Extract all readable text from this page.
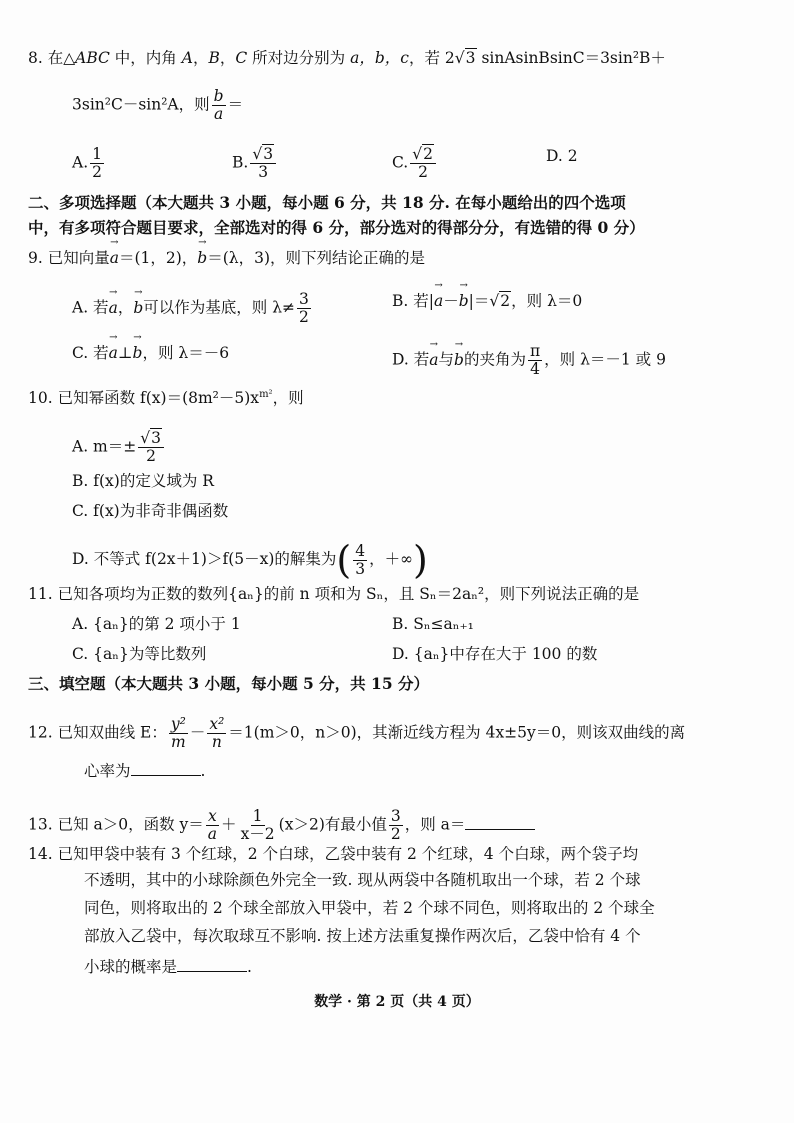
8. 在△ABC 中，内角 A，B，C 所对边分别为 a，b，c，若 2√3 sinAsinBsinC＝3sin²B＋
3sin²C－sin²A，则 $\frac{b}{a}$ ＝
A. $\frac{1}{2}$	B. $\frac{√3}{3}$	C. $\frac{√2}{2}$	D. 2
二、多项选择题（本大题共 3 小题，每小题 6 分，共 18 分. 在每小题给出的四个选项
中，有多项符合题目要求，全部选对的得 6 分，部分选对的得部分分，有选错的得 0 分）
9. 已知向量→ a＝(1，2)，→ b＝(λ，3)，则下列结论正确的是
A. 若→ a，→ b可以作为基底，则 $\lambda\ne \frac{3}{2}$	B. 若|→ a－→ b|＝√2，则 λ＝0
C. 若→ a⊥→ b，则 λ＝－6	D. 若→ a与→ b的夹角为 $\frac{\pi}{4}$ ，则 λ＝－1 或 9
10. 已知幂函数 $f(x)=(8m^2-5)x^{m^2}$，则
A. $m=\pm \frac{√3}{2}$
B. f(x)的定义域为 R
C. f(x)为非奇非偶函数
D. 不等式 f(2x＋1)＞f(5－x)的解集为( $\frac{4}{3}$ ，＋∞)
11. 已知各项均为正数的数列{aₙ}的前 n 项和为 Sₙ，且 Sₙ＝2aₙ²，则下列说法正确的是
A. {aₙ}的第 2 项小于 1	B. Sₙ≤aₙ₊₁
C. {aₙ}为等比数列	D. {aₙ}中存在大于 100 的数
三、填空题（本大题共 3 小题，每小题 5 分，共 15 分）
12. 已知双曲线 E： $\frac{\text{y²}}{m} - \frac{\text{x²}}{n} =1(m>0$，n＞0)，其渐近线方程为 4x±5y＝0，则该双曲线的离
心率为	.
13. 已知 a＞0，函数 $y= \frac{x}{a} + \frac{1}{x-2} (x>2)$有最小值 $\frac{3}{2}$ ，则 a＝
14. 已知甲袋中装有 3 个红球，2 个白球，乙袋中装有 2 个红球，4 个白球，两个袋子均
不透明，其中的小球除颜色外完全一致. 现从两袋中各随机取出一个球，若 2 个球
同色，则将取出的 2 个球全部放入甲袋中，若 2 个球不同色，则将取出的 2 个球全
部放入乙袋中，每次取球互不影响. 按上述方法重复操作两次后，乙袋中恰有 4 个
小球的概率是	.
数学 · 第 2 页（共 4 页）
